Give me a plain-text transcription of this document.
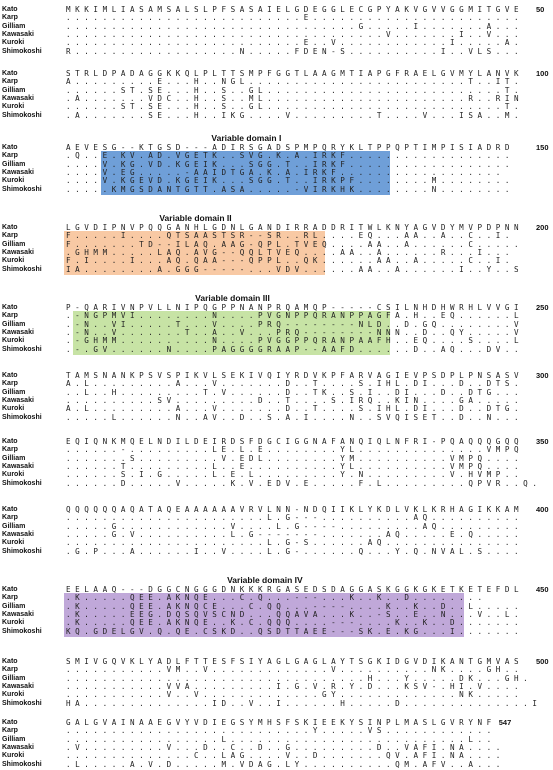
Kato	M K K I M L I A S A M S A L S L P F S A S A I E L G D E G G L E C G P Y A K V G V V G G M I T G V E
Karp	. . . . . . . . . . . . . . . . . . . . . . . . . . E . . . . . . . . . . . . . . . . . . . . . . .
Gilliam	. . . . . . . . . . . . . . . . . . . . . . . . . . . . . . . . G . . . . . I . . . . . . . A . . .
Kawasaki	. . . . . . . . . . . . . . . . . . . . . . . . . . . . . . . . . . . V . . . . . . . I . . V . . .
Kuroki	. . . . . . . . . . . . . . . . . . . . . . . . . . E . . V . . . . . . . . . . . . I . . . . . A .
Shimokoshi	R . . . . . . . . . . . . . . . . . . N . . . . . F D E N - S . . . . . . . . . . I . . V L S . . .
50
Kato	S T R L D P A D A G G K K Q L P L T T S M P F G G T L A A G M T I A P G F R A E L G V M Y L A N V K
Karp	A . . . . . . . . . E . . . H . . N G L . . . . . . . . . . . . . . . . . . . . . . . . T . . I T .
Gilliam	. . . . . . S T . S E . . . H . . S . . G L . . . . . . . . . . . . . . . . . . . . . . . . . . T .
Kawasaki	. A . . . . . . . V D C . . H . . S . . M L . . . . . . . . . . . . . . . . . . . . . . R . . R I N
Kuroki	. . . . . . S T . S E . . . H . . S . . G L . . . . . . . . . . . . . . . . . . . . . . . . . . T .
Shimokoshi	. A . . . . . . . S E . . . H . . I K G . . . . V . . . . . . . . . T . . . . V . . . I S A . . M .
100
Variable domain I
Kato	A E V E S G - - K T G S D - - - A D I R S G A D S P M P Q R Y K L T P P Q P T I M P I S I A D R D
Karp	. Q . . E . K V . A D . V G E T K . . S V G . K . A . I R K F . . . . . . . . . . . . . . . . . .
Gilliam	. . . . V . K G . V D . K G E I K . . . S G G . T . . I R K F . . . . . . . . . . . . . . . . . .
Kawasaki	. . . . V . E G . . . . . - A A I D T G A . K . A . I R K F . . . . . . . . . . . . . . . . . .
Kuroki	. . . . V . K G E V D . K G E I K . . . S G G . T . . I R K P F . . . . . . . . M . . . . . . . .
Shimokoshi	. . . . . K M G S D A N T G T T . A S A . . . . . - V I R K H K . . . . . . . . N . . . . . . . .
150
Variable domain II
Kato	L G V D I P N V P Q Q G A N H L G D N L G A N D I R R A D D R I T W L K N Y A G V D Y M V P D P N N
Karp	F . . . . . I . . . . Q T S A A S T S R - - S R . . R L . . . . E Q . . . A A . . A . . C . . I .
Gilliam	F . . . . . . . T D - - I L A Q . A A G - Q P L . T V E Q . . . . A A . . A . . . . . . C . . . . .
Kawasaki	. G H M M . . . . . L A Q . A V G - - Q Q L T V E Q . . . . A A . . A . . . . . . R . . . I . . .
Kuroki	F . I . . . . I . . . A Q . Q A A - - - Q P P L . . Q K . . . . . . A A . . A . . . . . C . . I .
Shimokoshi	I A . . . . . . . . A . G G G - - - - - . . . V D V . . . . . . A A . . A . . . . . . I . . Y . . S
200
Variable domain III
Kato	P - Q A R I V N P V L L N I P Q G P P N A N P R Q A M Q P - - - - - C S I L N H D H W R H L V V G I
Karp	. - N G P M V I . . . . . . . . N . . . . P V G N P P Q R A N P P A G F A . H . . E Q . . . . . . L
Gilliam	. - N . . V I . . . . . T . . . V . . . . P R Q - - - - - - - - N L D . . D . G Q . . . . . . . . V
Kawasaki	. - N . . V . . . . . . . T . . A . . V . . . P R Q - - - - - - - - N N N . . D . . Q Y . . . . . V
Kuroki	. - G H M M . . . . . . . . . . N . . . . P V G G P P Q R A N P A A F H . . E Q . . . . S . . . . L
Shimokoshi	. - . G V . . . . . . N . . . . P A G G G G R A A P - - A A F D . . . . . . D . . A Q . . . D V . .
250
Kato	T A M S N A N K P S V S P I K V L S E K I V Q I Y R D V K P F A R V A G I E V P S D P L P N S A S V
Karp	A . L . . . . . . . . . A . . . V . . . . . . . D . . T . . . . S . I H L . D I . . . D . . D T S .
Gilliam	. . L . . H . . . . . . . . . T . V . . . . . . D . . T K . . S . I . . D I . . . D . . D T G . . .
Kawasaki	. . . . . . . . . . S V . . . . . . . . . D . . T . . . . S . I R Q . . K I N . . . . G A . . . . .
Kuroki	A . L . . . . . . . . . A . . . V . . . . . . . D . . T . . . . S . I H L . D I . . . D . . D T G .
Shimokoshi	. . . . . L . . . . . . N . . A V . . D . . S . A . I . . . . N . . S V Q I S E T . . D . . N . . .
300
Kato	E Q I Q N K M Q E L N D I L D E I R D S F D G C I G G N A F A N Q I Q L N F R I - P Q A Q Q Q G Q Q
Karp	. . . . . . - . . . . . . . . . L E . L . E . . . . . . . . Y L . . . . . . . . . . . . . . V M P Q
Gilliam	. . . . . . . S . . . . . . . . . V . E D L . . . . . . . . Y M . . . . . . . . . . V M P Q . . . .
Kawasaki	. . . . . . T . . . . . . . . . L . . E . . . . . . . . . . Y L . . . . . . . . . . V M P Q . . . .
Kuroki	. . . . . . S . I . G . . . . . L . E . L . . . . . . . . . Y . N . . . . . . . . . V . H V M P . .
Shimokoshi	. . . . . . D . . . . . V . . . . . K . V . E D V . E . . . . . F . L . . . . . . . . . Q P V R . . Q .
350
Kato	Q Q Q Q Q Q A Q A T A Q E A A A A A A V R V L N N - N D Q I I K L Y K D L V K L K R H A G I K K A M
Karp	. . . . . . . . . . . . . . . . . . . . . . L . G - - - . . . . . . . . . . A Q . . . . . . . . . .
Gilliam	. . . . . G . . . . . . . . . . . . V . . . . L . G - - - - . . . . . . . . . A Q . . . . . . . . .
Kawasaki	. . . . . G . V . . . . . . . . . . L . G - - - - - - - . . . . . . . A Q . . . . . E . Q . . . . .
Kuroki	. . . . . . . . . . . . . . . . . . . . . . L . G - S . . . . . . A Q . . . . . . . . . . . . . . .
Shimokoshi	. G . P . . . A . . . . . . I . . V . . . . L . G - . . . . . . Q . . . Y . Q . N V A L . S . . . .
400
Variable domain IV
Kato	E E L A A Q - - - D G G C N G G G D N K K K R G A S E D S D A G G A S K G G K G K E T K E T E F D L
Karp	. K . . . . . Q E E . A K N Q E . . . C . Q . . . - - - . . . K . . K . . D . . . . . . . .
Gilliam	. K . . . . . Q E E . A K N Q C E . . . C . Q Q . . . - - - - . . . . K . . K . . D . . L . . . . .
Kawasaki	. K . . . . . E E G . D Q S Q V S C N D . . . Q Q A V A . . . K . . - S . . E . . N . . . V . . L .
Kuroki	. K . . . . . Q E E . A K N Q E . . K . C . Q Q Q . . . . - - - . . . . K . . K . . D . . . . . . .
Shimokoshi	K Q . G D E L G V . Q . Q E . C S K D . . Q S D T T A E E - - - S K . E . K G . . . I . . . . . . .
450
Kato	S M I V G Q V K L Y A D L F T T E S F S I Y A G L G A G L A Y T S G K I D G V D I K A N T G M V A S
Karp	. . . . . . . . . . . V M . . V . . . . . . . . . . . . . V . . . . . . . . . . N K . . . . G H . .
Gilliam	. . . . . . . . . . . . . . . . . . . . . . . . . . . . . . . . . H . . . Y . . . . . D K . . . G H .
Kawasaki	. . . . . . . . . . . V V A . . . . . . . . . I . G . V . R . Y . D . . . K S V - . H I . V . . . .
Kuroki	. . . . . . . . . . . V . . V . . . . . . . . . . . . . G Y . . . . . . . . . . . . . N K . . . . .
Shimokoshi	H A . . . . . . . . . . . . . . I D . . V . . I . . . . . . H . . . . . D . . . . . . . . . . . . . . I
500
Kato	G A L G V A I N A A E G V Y V D I E G S Y M H S F S K I E E K Y S I N P L M A S L G V R Y N F
Karp	. . . . . . . . . . . . . . . . . . . . . . . . . . . Y . . . . . V S . . . . . . . . . . . .
Gilliam	. . . . . . . . . . . . . . . . . L . . . . . . . . . . . . . . . . . . . . . . . . . . L . .
Kawasaki	. V . . . . . . . . . V . . . D . . C . . D . . G . . . . . . . . . D . . V A F I . N A . . . .
Kuroki	. . . . . . . . . . . . . . C . . L A G . . . . V . . D . . . . . . . Q V . A F I . N A . . . .
Shimokoshi	. L . . . . . A . V . D . . . . . M . V D A G . L Y . . . . . . . . . . Q M . A F V . . A . . .
547
